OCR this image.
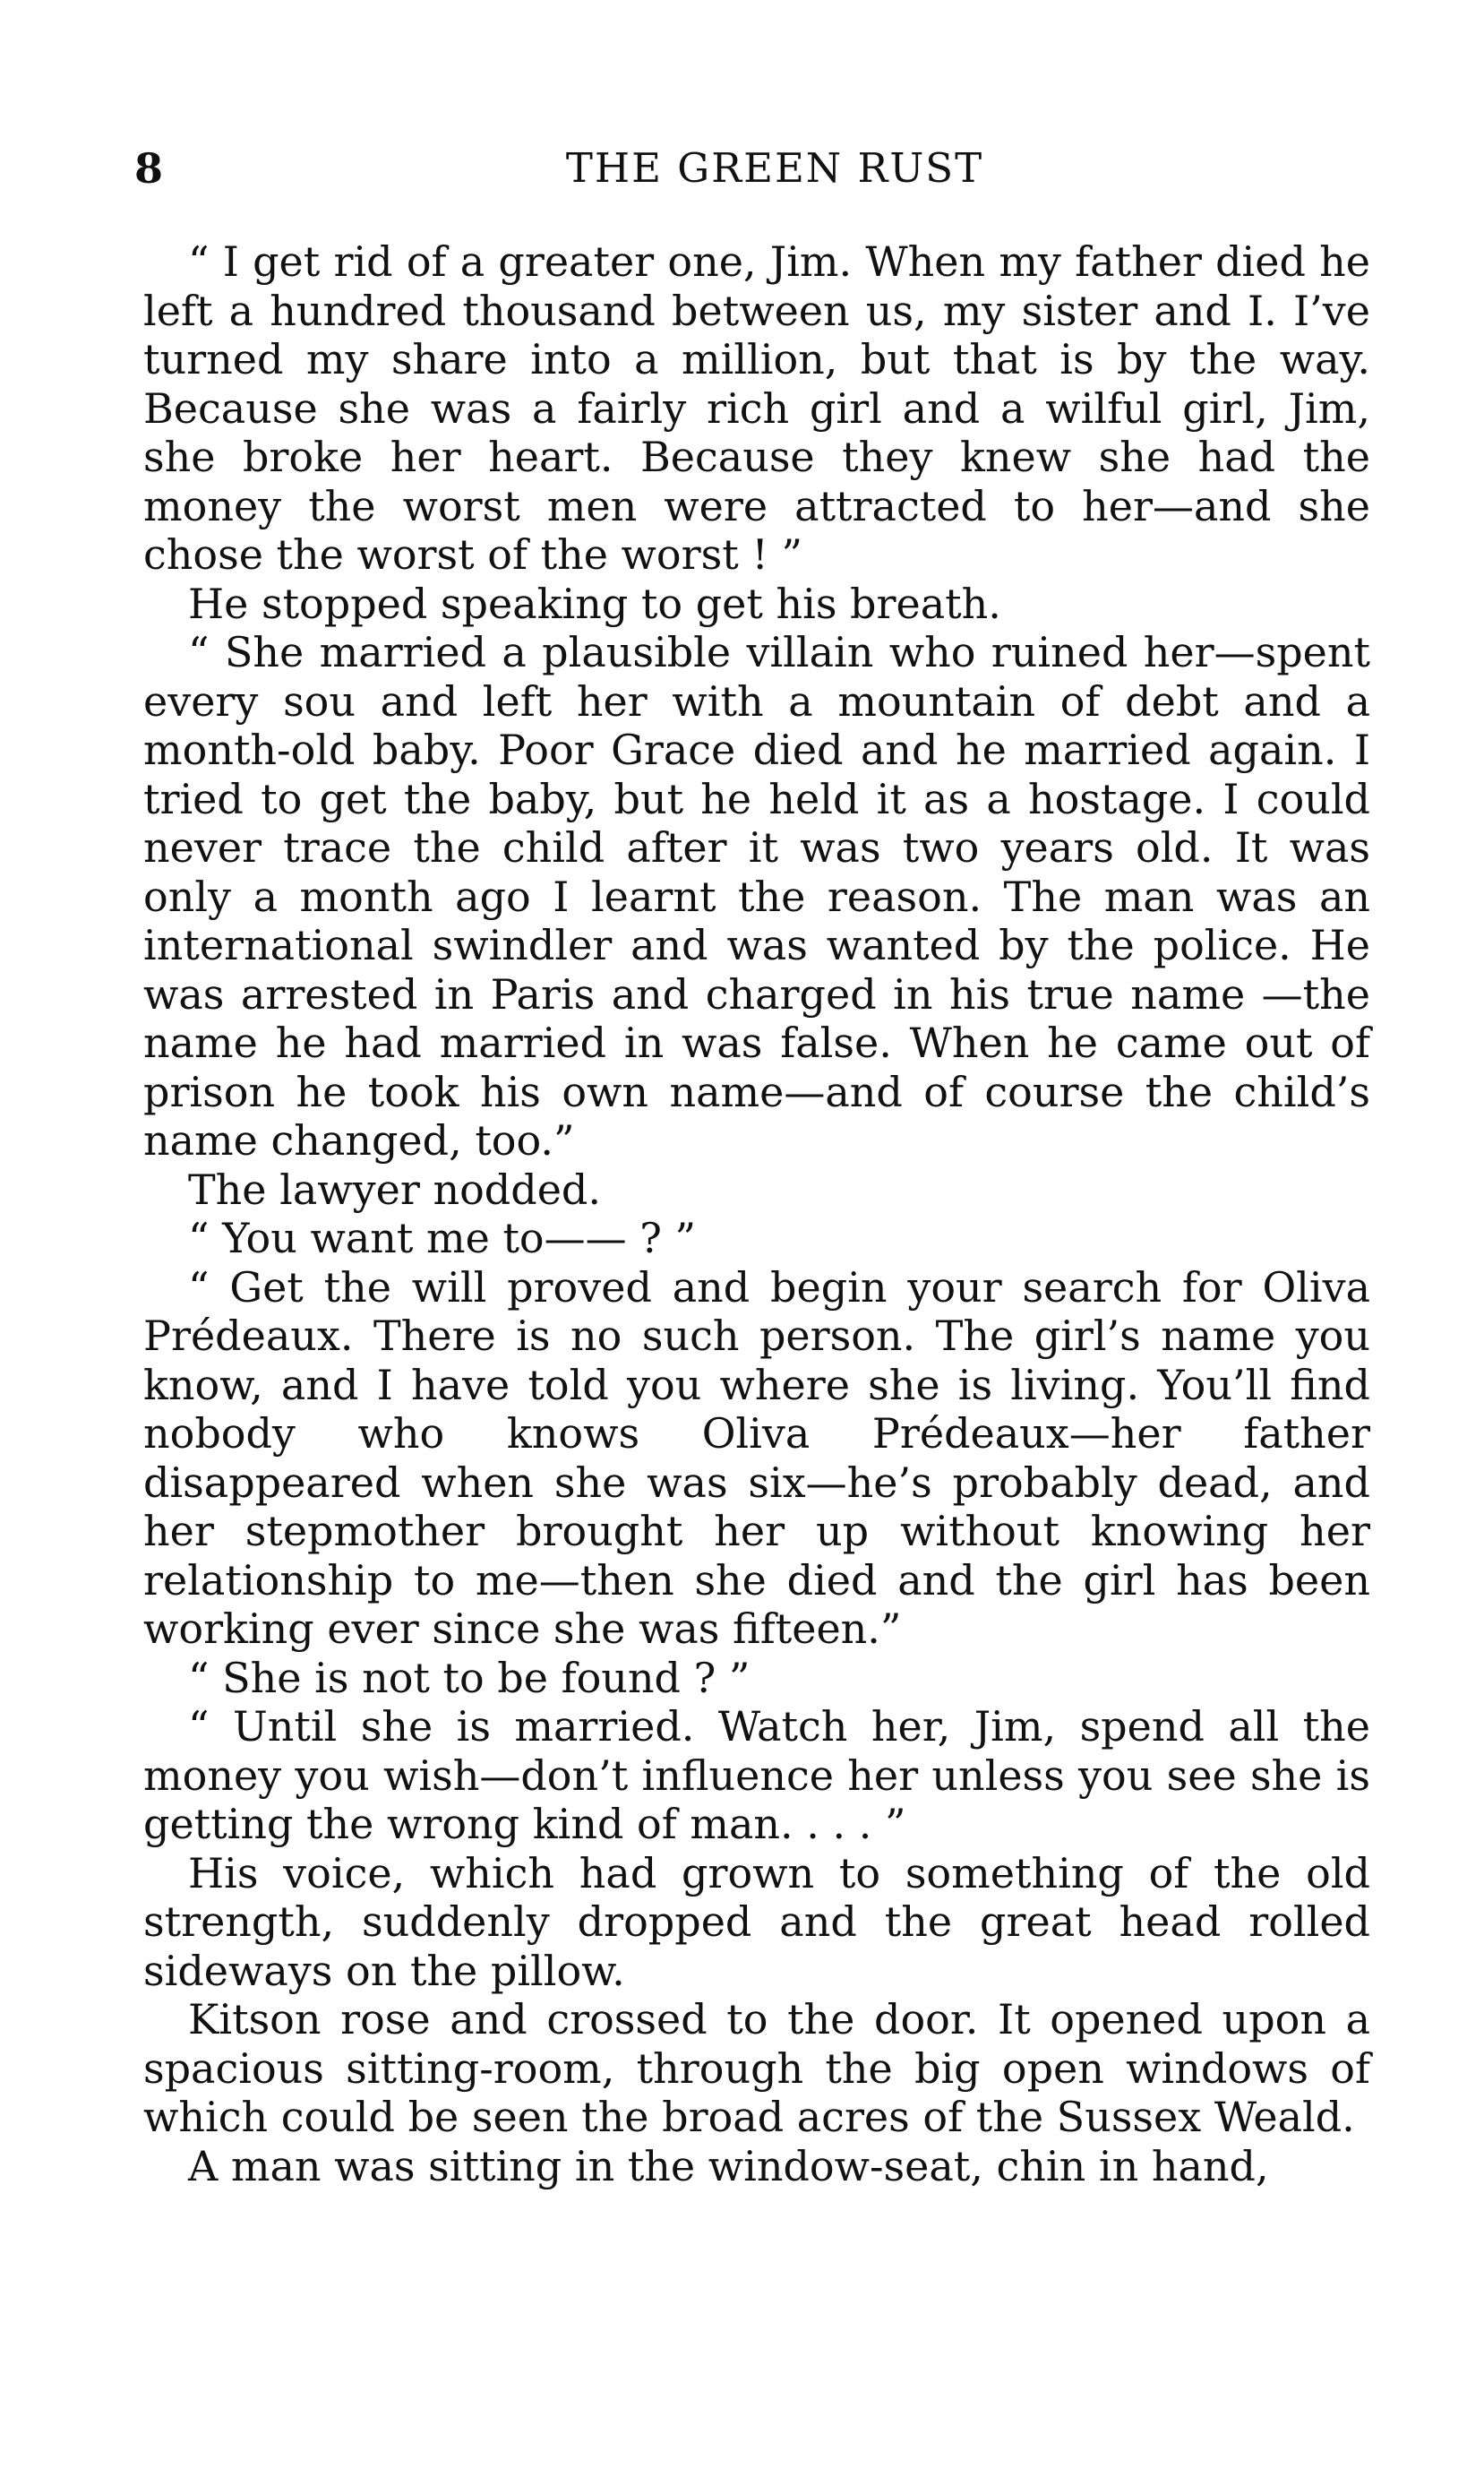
8	THE GREEN RUST

“ I get rid of a greater one, Jim. When my father died he left a hundred thousand between us, my sister and I. I’ve turned my share into a million, but that is by the way. Because she was a fairly rich girl and a wilful girl, Jim, she broke her heart. Because they knew she had the money the worst men were attracted to her—and she chose the worst of the worst ! ”

He stopped speaking to get his breath.

“ She married a plausible villain who ruined her—spent every sou and left her with a mountain of debt and a month-old baby. Poor Grace died and he married again. I tried to get the baby, but he held it as a hostage. I could never trace the child after it was two years old. It was only a month ago I learnt the reason. The man was an international swindler and was wanted by the police. He was arrested in Paris and charged in his true name —the name he had married in was false. When he came out of prison he took his own name—and of course the child’s name changed, too.”

The lawyer nodded.

“ You want me to—— ? ”

“ Get the will proved and begin your search for Oliva Prédeaux. There is no such person. The girl’s name you know, and I have told you where she is living. You’ll find nobody who knows Oliva Prédeaux—her father disappeared when she was six—he’s probably dead, and her stepmother brought her up without knowing her relationship to me—then she died and the girl has been working ever since she was fifteen.”

“ She is not to be found ? ”

“ Until she is married. Watch her, Jim, spend all the money you wish—don’t influence her unless you see she is getting the wrong kind of man. . . . ”

His voice, which had grown to something of the old strength, suddenly dropped and the great head rolled sideways on the pillow.

Kitson rose and crossed to the door. It opened upon a spacious sitting-room, through the big open windows of which could be seen the broad acres of the Sussex Weald.

A man was sitting in the window-seat, chin in hand,
